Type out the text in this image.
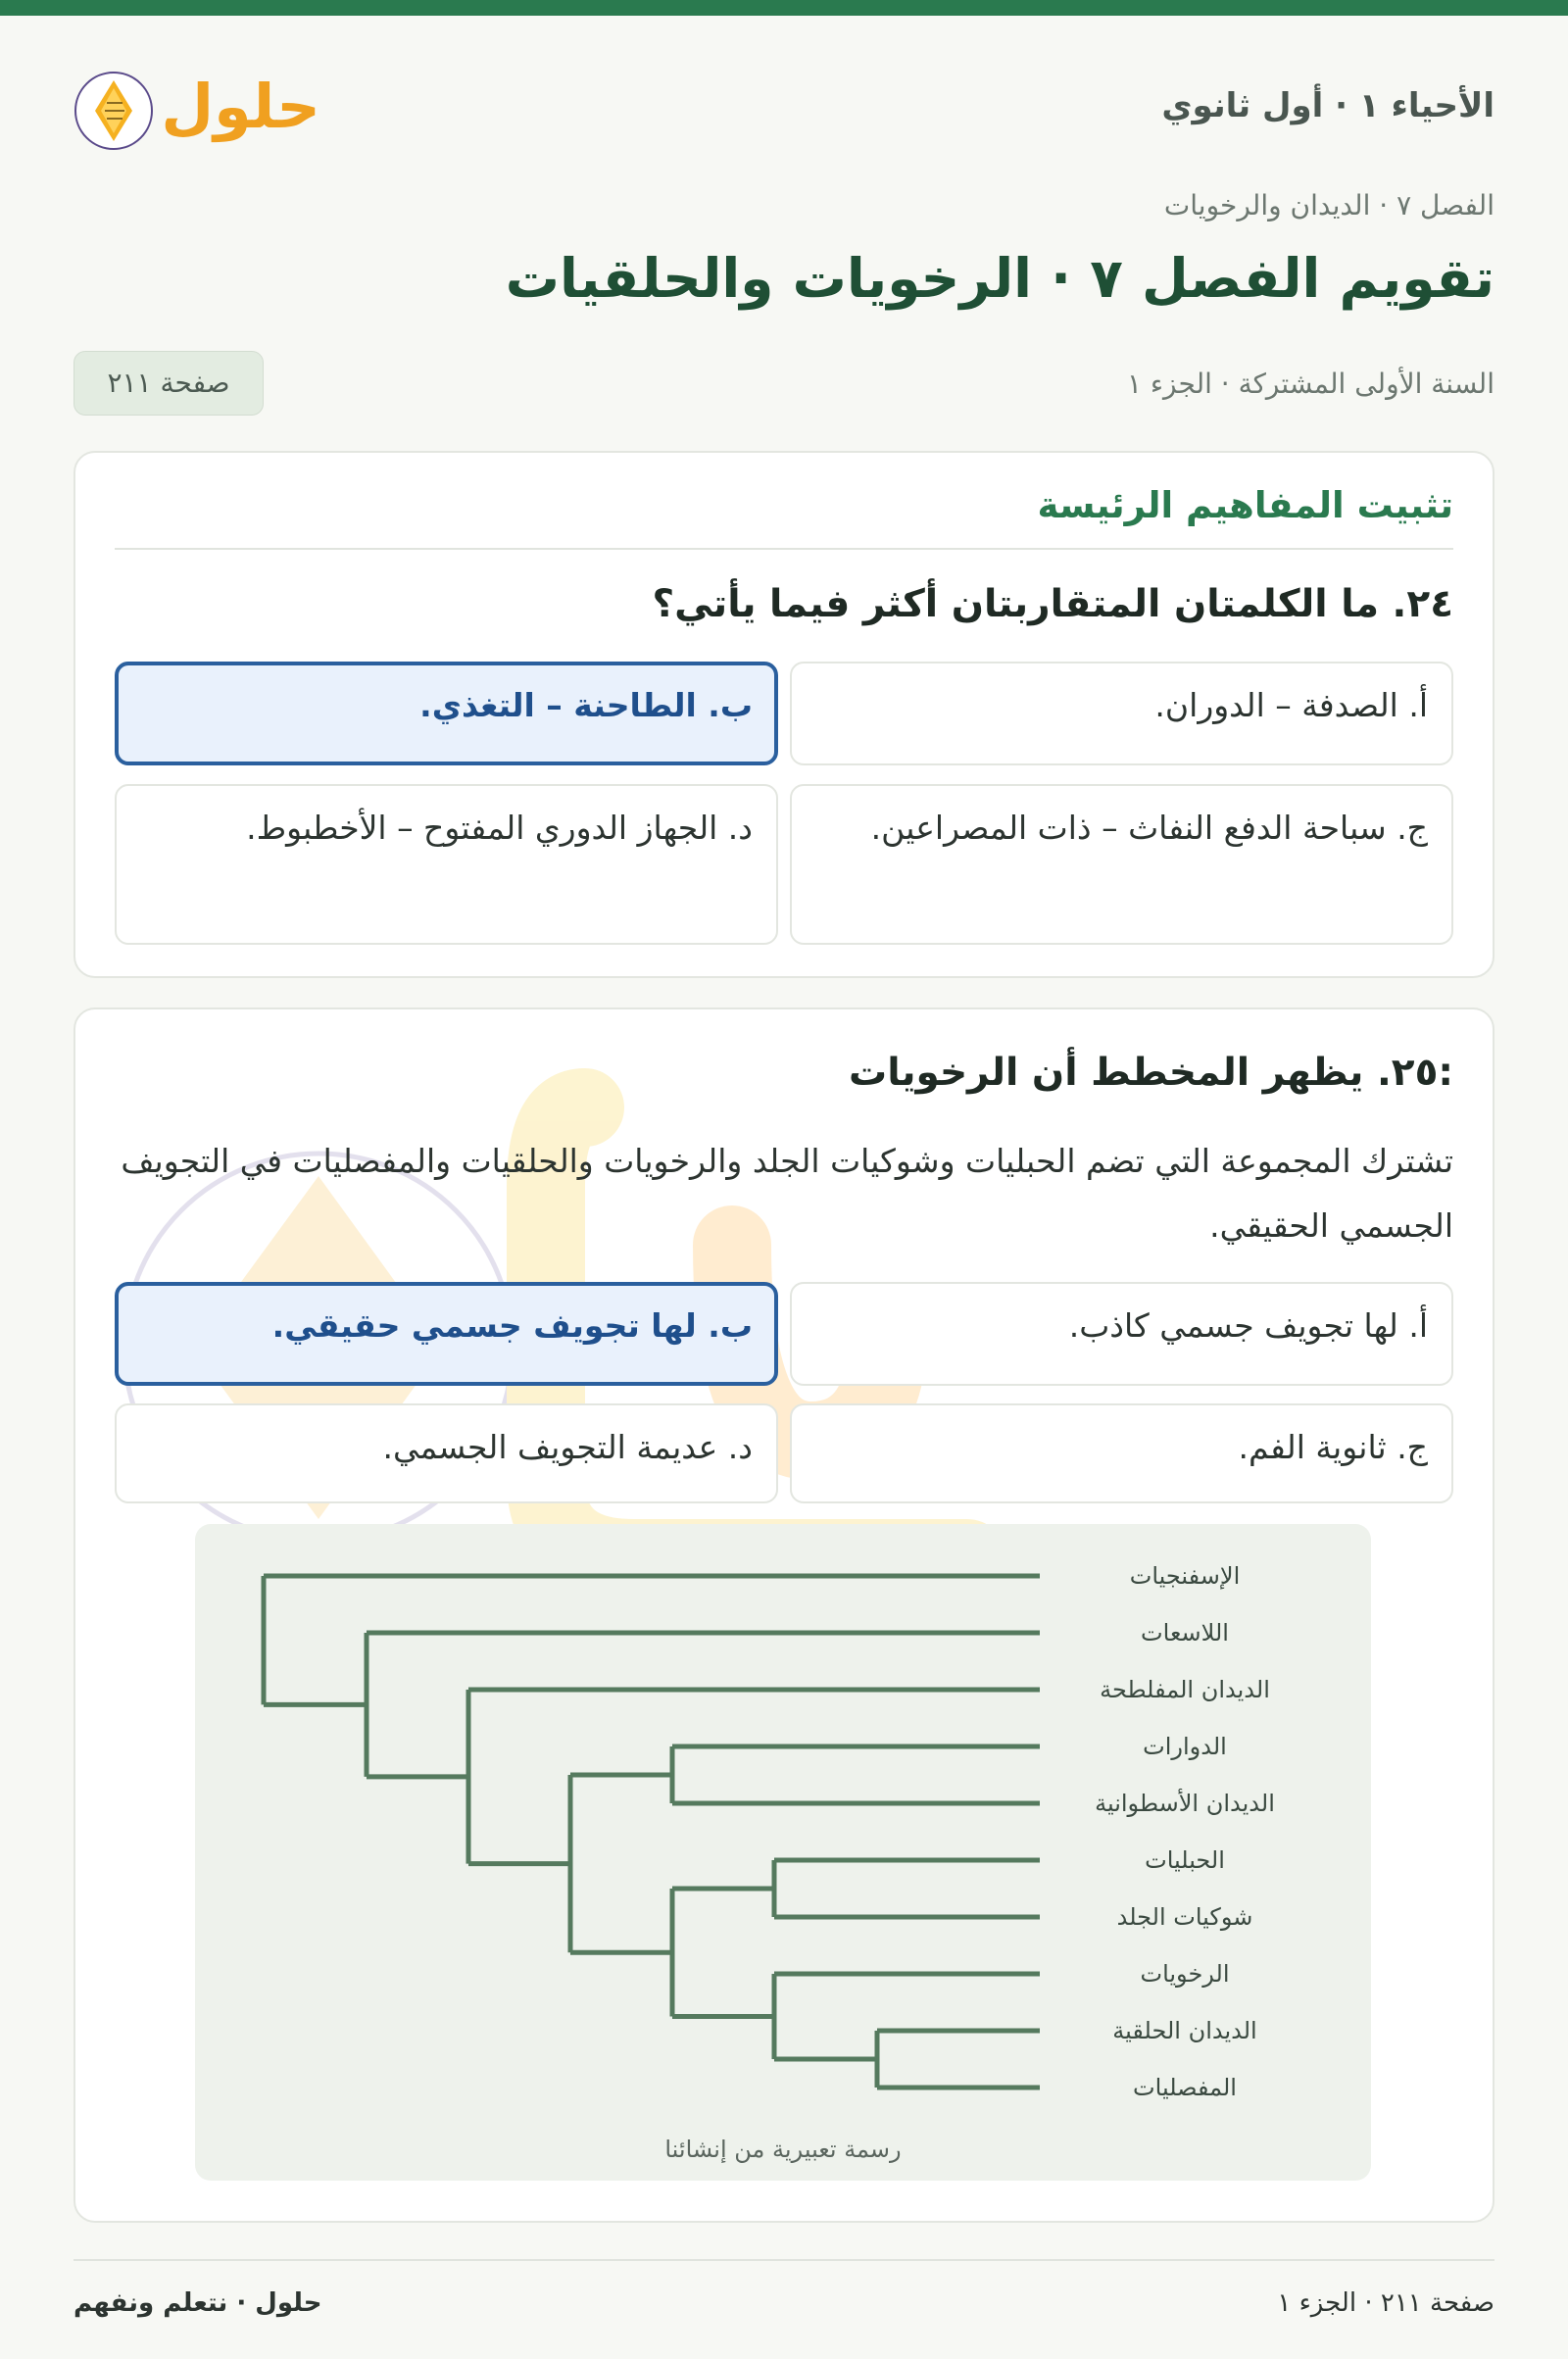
حلول	الأحياء ١ · أول ثانوي
الفصل ٧ · الديدان والرخويات
تقويم الفصل ٧ · الرخويات والحلقيات
السنة الأولى المشتركة · الجزء ١
صفحة ٢١١
تثبيت المفاهيم الرئيسة
٢٤. ما الكلمتان المتقاربتان أكثر فيما يأتي؟
أ. الصدفة – الدوران.
ب. الطاحنة – التغذي.
ج. سباحة الدفع النفاث – ذات المصراعين.
د. الجهاز الدوري المفتوح – الأخطبوط.
٢٥. يظهر المخطط أن الرخويات:
تشترك المجموعة التي تضم الحبليات وشوكيات الجلد والرخويات والحلقيات والمفصليات في التجويف الجسمي الحقيقي.
أ. لها تجويف جسمي كاذب.
ب. لها تجويف جسمي حقيقي.
ج. ثانوية الفم.
د. عديمة التجويف الجسمي.
الإسفنجيات
اللاسعات
الديدان المفلطحة
الدوارات
الديدان الأسطوانية
الحبليات
شوكيات الجلد
الرخويات
الديدان الحلقية
المفصليات
رسمة تعبيرية من إنشائنا
حلول · نتعلم ونفهم	صفحة ٢١١ · الجزء ١
